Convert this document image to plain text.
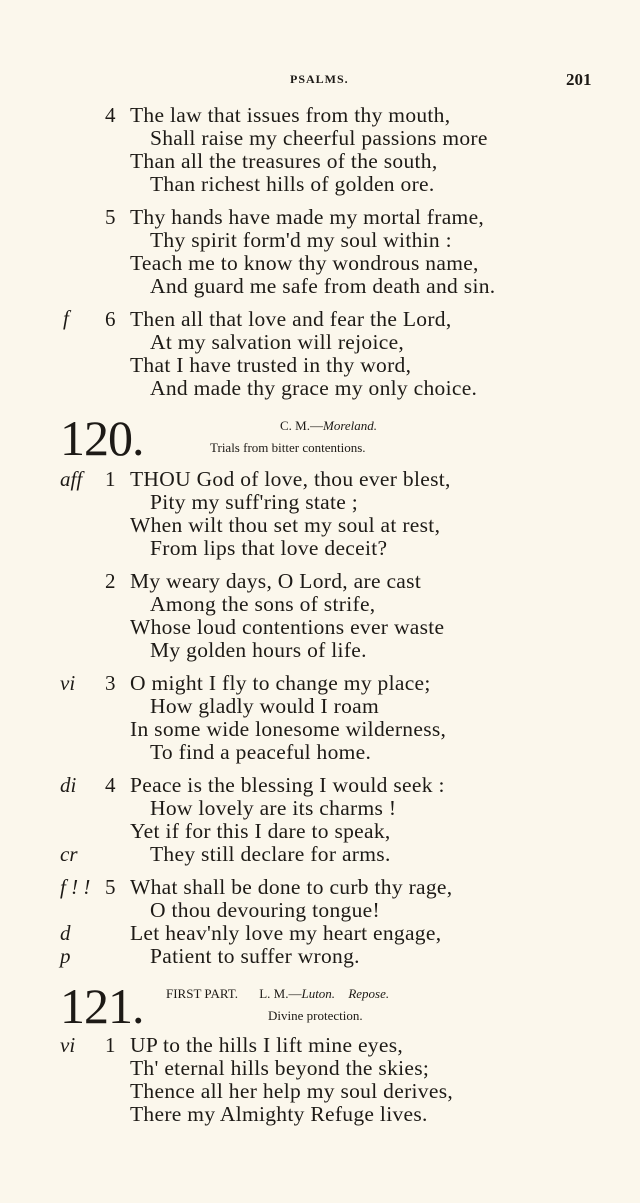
PSALMS.	201
4 The law that issues from thy mouth,
Shall raise my cheerful passions more
Than all the treasures of the south,
Than richest hills of golden ore.
5 Thy hands have made my mortal frame,
Thy spirit form'd my soul within :
Teach me to know thy wondrous name,
And guard me safe from death and sin.
f 6 Then all that love and fear the Lord,
At my salvation will rejoice,
That I have trusted in thy word,
And made thy grace my only choice.
120.	C. M.—Moreland.
Trials from bitter contentions.
aff 1 THOU God of love, thou ever blest,
Pity my suff'ring state ;
When wilt thou set my soul at rest,
From lips that love deceit?
2 My weary days, O Lord, are cast
Among the sons of strife,
Whose loud contentions ever waste
My golden hours of life.
vi 3 O might I fly to change my place;
How gladly would I roam
In some wide lonesome wilderness,
To find a peaceful home.
di 4 Peace is the blessing I would seek :
How lovely are its charms !
Yet if for this I dare to speak,
cr	They still declare for arms.
f ! ! 5 What shall be done to curb thy rage,
O thou devouring tongue!
d	Let heav'nly love my heart engage,
p	Patient to suffer wrong.
121. FIRST PART. L. M.—Luton. Repose.
Divine protection.
vi 1 UP to the hills I lift mine eyes,
Th' eternal hills beyond the skies;
Thence all her help my soul derives,
There my Almighty Refuge lives.
